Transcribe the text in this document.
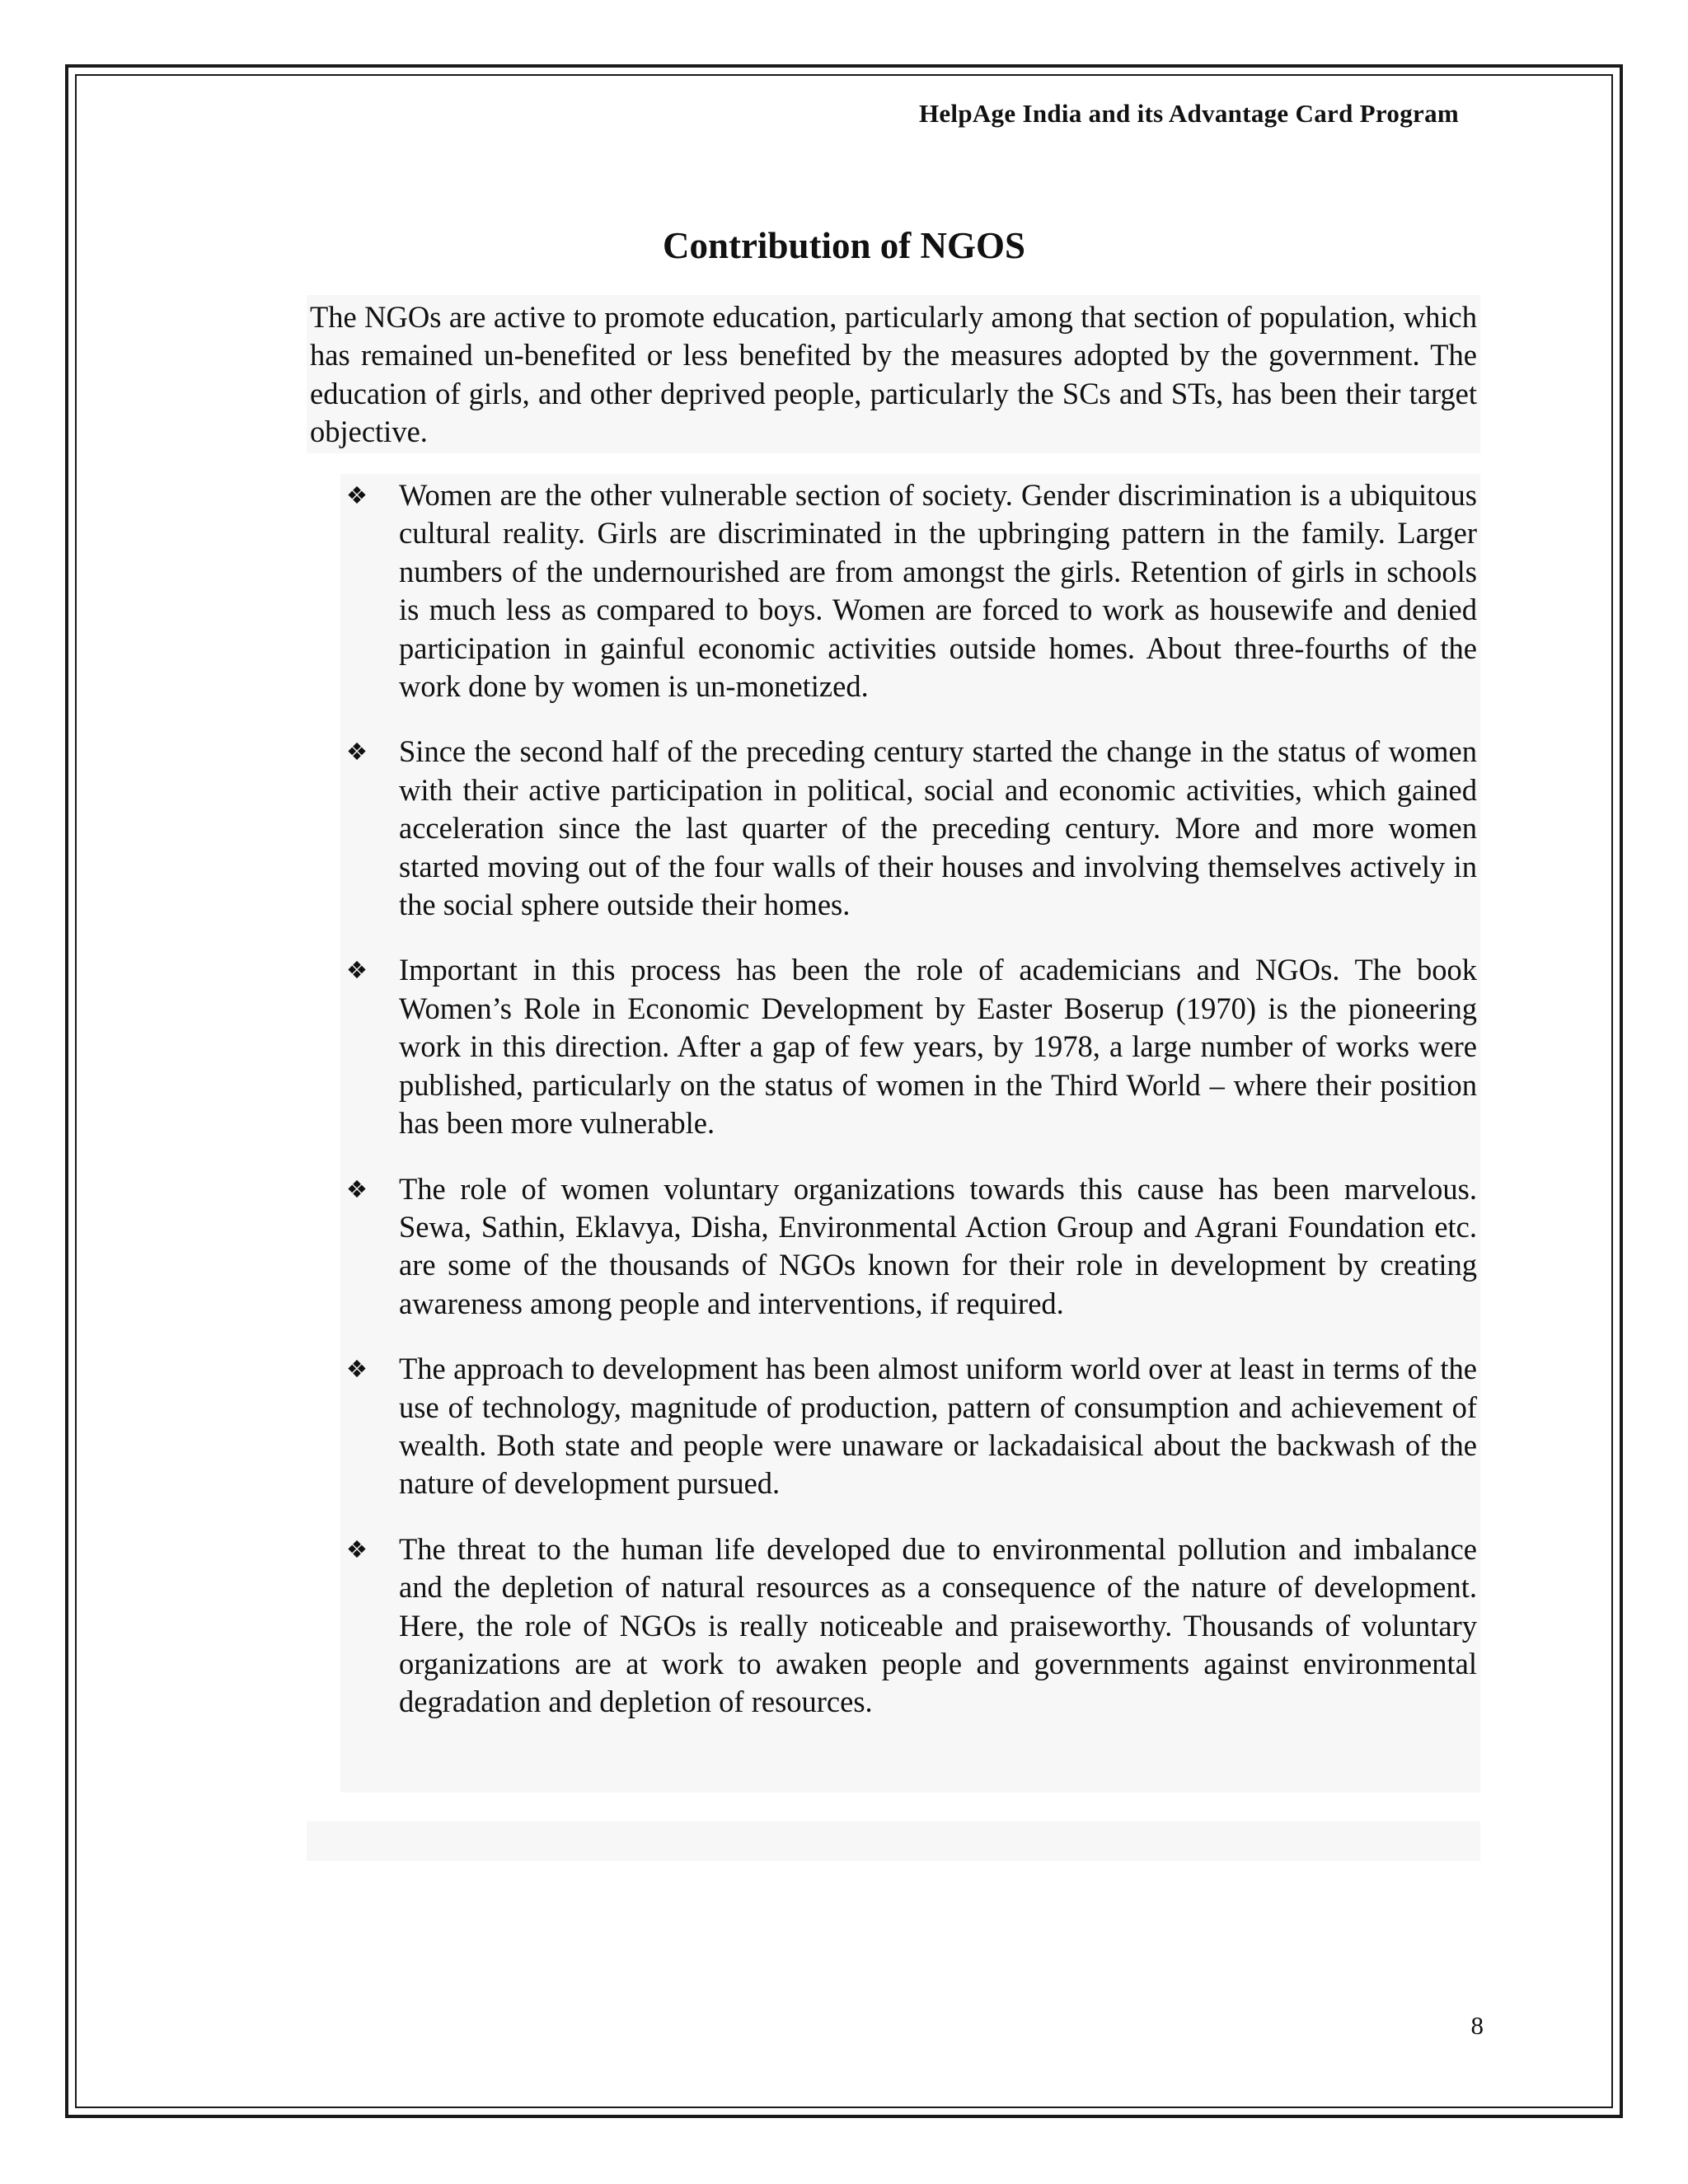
HelpAge India and its Advantage Card Program
Contribution of NGOS

The NGOs are active to promote education, particularly among that section of population, which has remained un-benefited or less benefited by the measures adopted by the government. The education of girls, and other deprived people, particularly the SCs and STs, has been their target objective.

❖ Women are the other vulnerable section of society. Gender discrimination is a ubiquitous cultural reality. Girls are discriminated in the upbringing pattern in the family. Larger numbers of the undernourished are from amongst the girls. Retention of girls in schools is much less as compared to boys. Women are forced to work as housewife and denied participation in gainful economic activities outside homes. About three-fourths of the work done by women is un-monetized.
❖ Since the second half of the preceding century started the change in the status of women with their active participation in political, social and economic activities, which gained acceleration since the last quarter of the preceding century. More and more women started moving out of the four walls of their houses and involving themselves actively in the social sphere outside their homes.
❖ Important in this process has been the role of academicians and NGOs. The book Women’s Role in Economic Development by Easter Boserup (1970) is the pioneering work in this direction. After a gap of few years, by 1978, a large number of works were published, particularly on the status of women in the Third World – where their position has been more vulnerable.
❖ The role of women voluntary organizations towards this cause has been marvelous. Sewa, Sathin, Eklavya, Disha, Environmental Action Group and Agrani Foundation etc. are some of the thousands of NGOs known for their role in development by creating awareness among people and interventions, if required.
❖ The approach to development has been almost uniform world over at least in terms of the use of technology, magnitude of production, pattern of consumption and achievement of wealth. Both state and people were unaware or lackadaisical about the backwash of the nature of development pursued.
❖ The threat to the human life developed due to environmental pollution and imbalance and the depletion of natural resources as a consequence of the nature of development. Here, the role of NGOs is really noticeable and praiseworthy. Thousands of voluntary organizations are at work to awaken people and governments against environmental degradation and depletion of resources.
8
